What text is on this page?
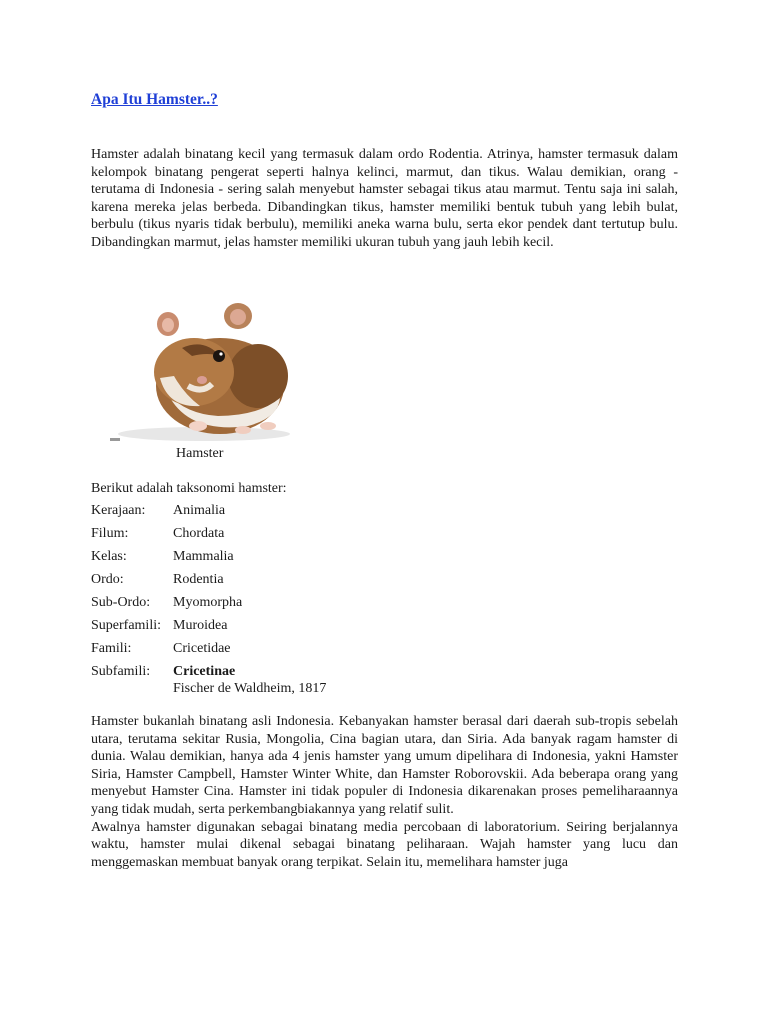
Apa Itu Hamster..?

Hamster adalah binatang kecil yang termasuk dalam ordo Rodentia. Atrinya, hamster termasuk dalam kelompok binatang pengerat seperti halnya kelinci, marmut, dan tikus. Walau demikian, orang - terutama di Indonesia - sering salah menyebut hamster sebagai tikus atau marmut. Tentu saja ini salah, karena mereka jelas berbeda. Dibandingkan tikus, hamster memiliki bentuk tubuh yang lebih bulat, berbulu (tikus nyaris tidak berbulu), memiliki aneka warna bulu, serta ekor pendek dant tertutup bulu. Dibandingkan marmut, jelas hamster memiliki ukuran tubuh yang jauh lebih kecil.

Hamster
Berikut adalah taksonomi hamster:
Kerajaan:	Animalia
Filum:	Chordata
Kelas:	Mammalia
Ordo:	Rodentia
Sub-Ordo:	Myomorpha
Superfamili: Muroidea
Famili:	Cricetidae
Subfamili:	Cricetinae
Fischer de Waldheim, 1817

Hamster bukanlah binatang asli Indonesia. Kebanyakan hamster berasal dari daerah sub-tropis sebelah utara, terutama sekitar Rusia, Mongolia, Cina bagian utara, dan Siria. Ada banyak ragam hamster di dunia. Walau demikian, hanya ada 4 jenis hamster yang umum dipelihara di Indonesia, yakni Hamster Siria, Hamster Campbell, Hamster Winter White, dan Hamster Roborovskii. Ada beberapa orang yang menyebut Hamster Cina. Hamster ini tidak populer di Indonesia dikarenakan proses pemeliharaannya yang tidak mudah, serta perkembangbiakannya yang relatif sulit.

Awalnya hamster digunakan sebagai binatang media percobaan di laboratorium. Seiring berjalannya waktu, hamster mulai dikenal sebagai binatang peliharaan. Wajah hamster yang lucu dan menggemaskan membuat banyak orang terpikat. Selain itu, memelihara hamster juga
